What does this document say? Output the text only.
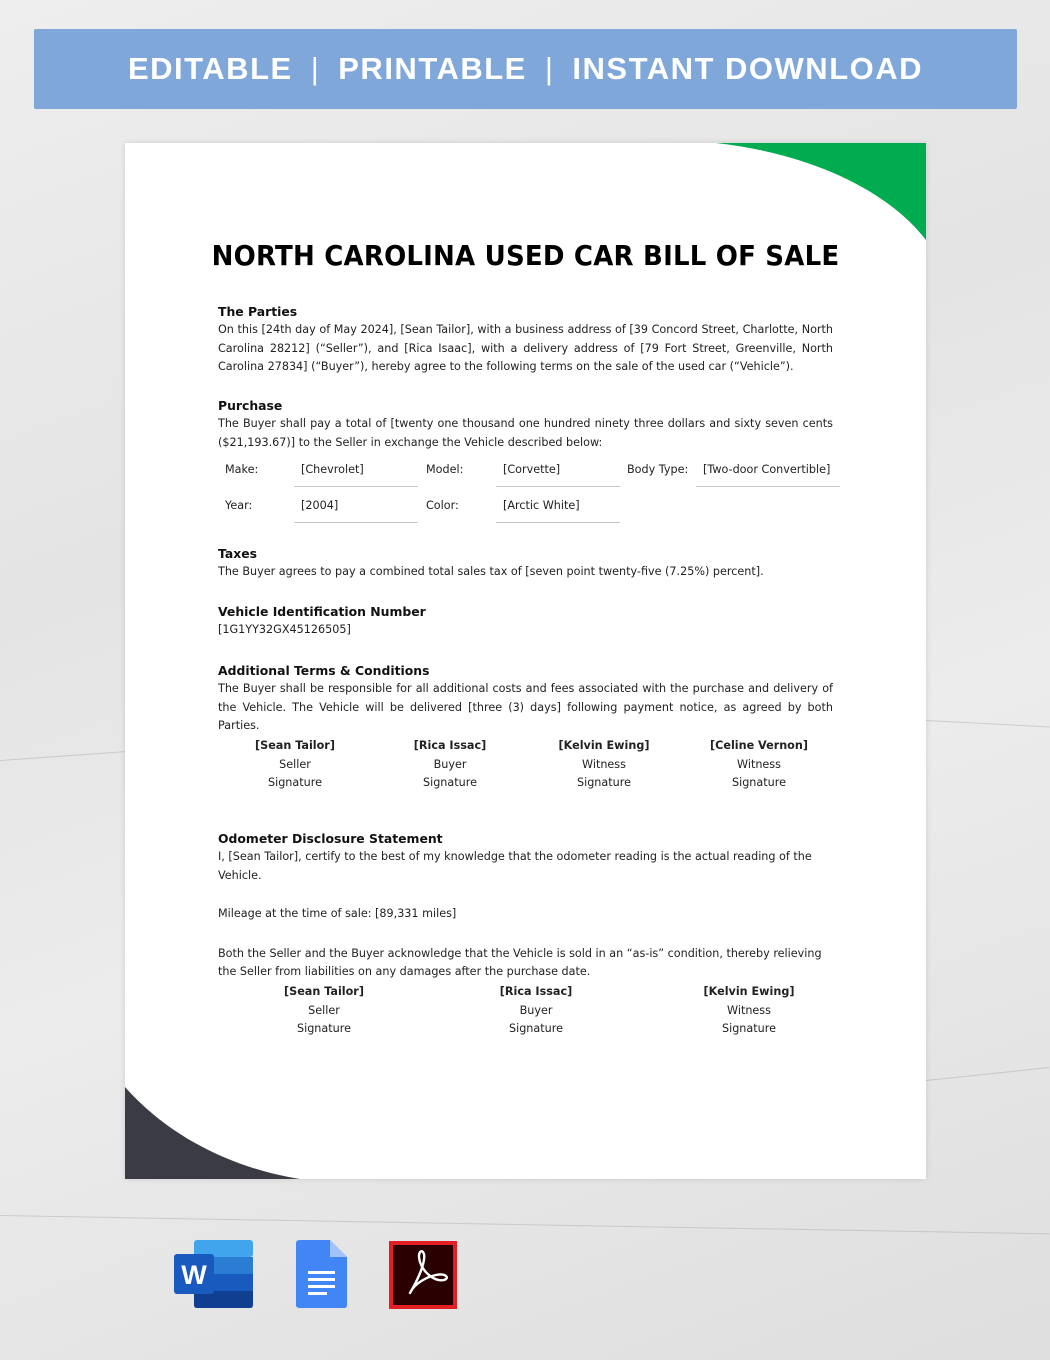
EDITABLE | PRINTABLE | INSTANT DOWNLOAD
NORTH CAROLINA USED CAR BILL OF SALE

The Parties

On this [24th day of May 2024], [Sean Tailor], with a business address of [39 Concord Street, Charlotte, North Carolina 28212] (“Seller”), and [Rica Isaac], with a delivery address of [79 Fort Street, Greenville, North Carolina 27834] (“Buyer”), hereby agree to the following terms on the sale of the used car (“Vehicle”).

Purchase

The Buyer shall pay a total of [twenty one thousand one hundred ninety three dollars and sixty seven cents ($21,193.67)] to the Seller in exchange the Vehicle described below:

Make:	[Chevrolet]	Model:	[Corvette]	Body Type:	[Two-door Convertible]
Year:	[2004]	Color:	[Arctic White]

Taxes

The Buyer agrees to pay a combined total sales tax of [seven point twenty-five (7.25%) percent].

Vehicle Identification Number

[1G1YY32GX45126505]

Additional Terms & Conditions

The Buyer shall be responsible for all additional costs and fees associated with the purchase and delivery of the Vehicle. The Vehicle will be delivered [three (3) days] following payment notice, as agreed by both Parties.

[Sean Tailor]
Seller
Signature
[Rica Issac]
Buyer
Signature
[Kelvin Ewing]
Witness
Signature
[Celine Vernon]
Witness
Signature

Odometer Disclosure Statement

I, [Sean Tailor], certify to the best of my knowledge that the odometer reading is the actual reading of the Vehicle.

Mileage at the time of sale: [89,331 miles]

Both the Seller and the Buyer acknowledge that the Vehicle is sold in an “as-is” condition, thereby relieving the Seller from liabilities on any damages after the purchase date.

[Sean Tailor]
Seller
Signature
[Rica Issac]
Buyer
Signature
[Kelvin Ewing]
Witness
Signature
W
